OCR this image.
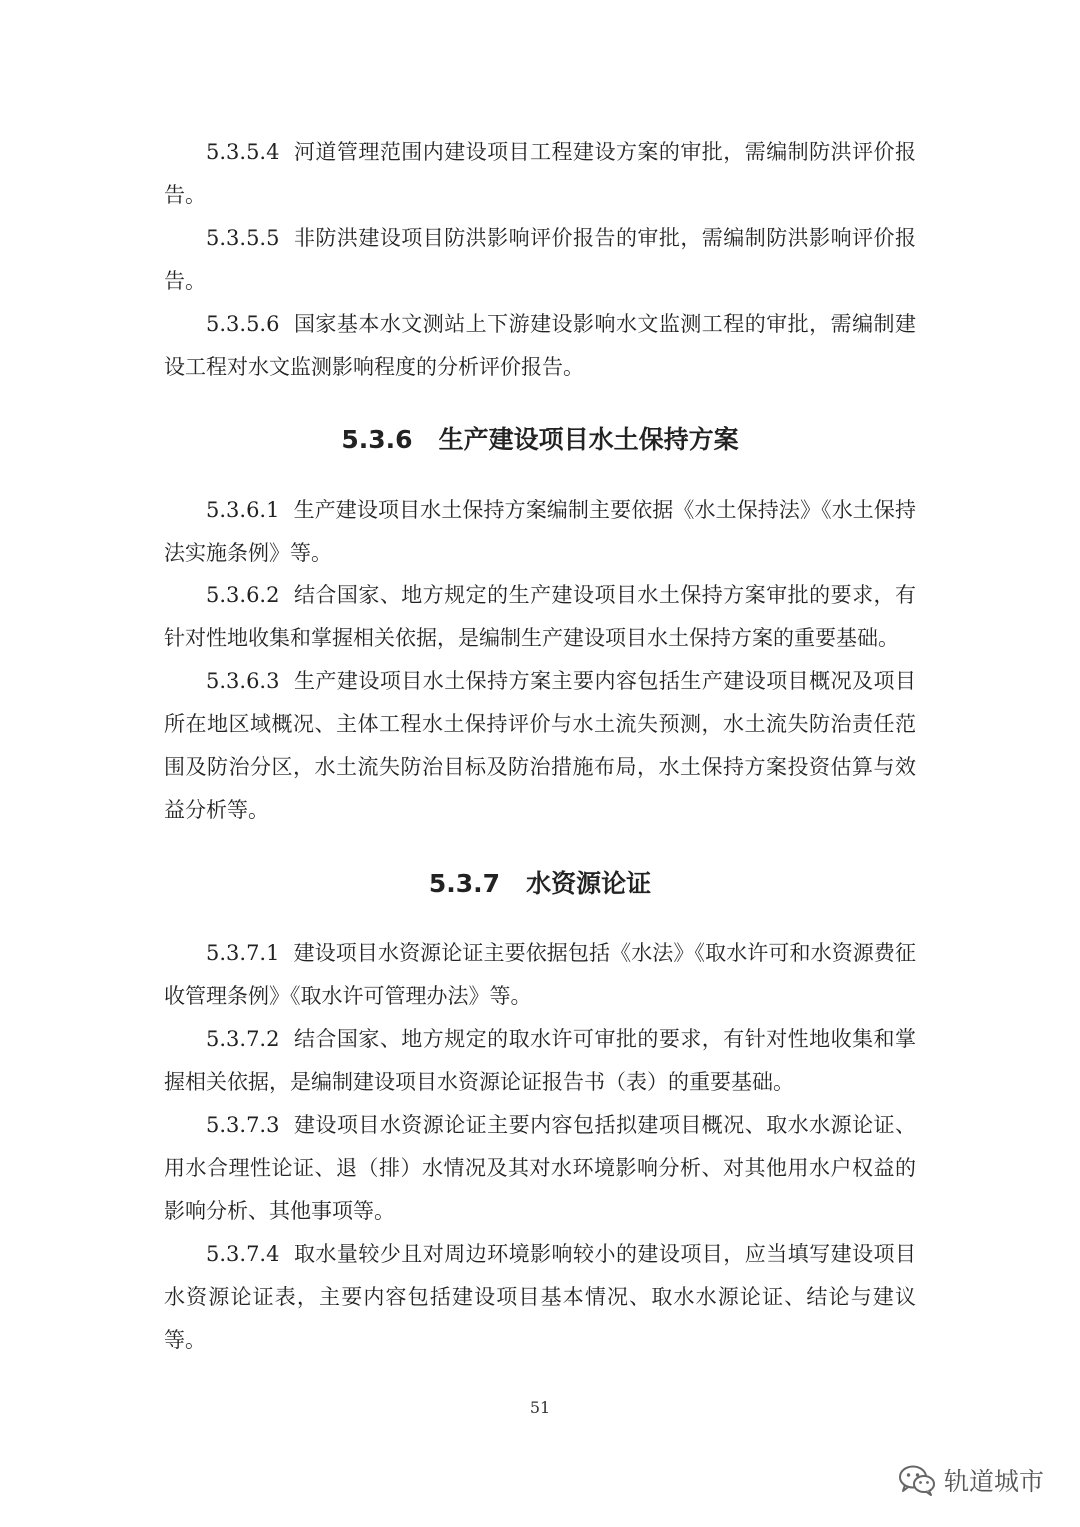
5.3.5.4 河道管理范围内建设项目工程建设方案的审批，需编制防洪评价报告。

5.3.5.5 非防洪建设项目防洪影响评价报告的审批，需编制防洪影响评价报告。

5.3.5.6 国家基本水文测站上下游建设影响水文监测工程的审批，需编制建设工程对水文监测影响程度的分析评价报告。

5.3.6 生产建设项目水土保持方案

5.3.6.1 生产建设项目水土保持方案编制主要依据《水土保持法》《水土保持法实施条例》等。

5.3.6.2 结合国家、地方规定的生产建设项目水土保持方案审批的要求，有针对性地收集和掌握相关依据，是编制生产建设项目水土保持方案的重要基础。

5.3.6.3 生产建设项目水土保持方案主要内容包括生产建设项目概况及项目所在地区域概况、主体工程水土保持评价与水土流失预测，水土流失防治责任范围及防治分区，水土流失防治目标及防治措施布局，水土保持方案投资估算与效益分析等。

5.3.7 水资源论证

5.3.7.1 建设项目水资源论证主要依据包括《水法》《取水许可和水资源费征收管理条例》《取水许可管理办法》等。

5.3.7.2 结合国家、地方规定的取水许可审批的要求，有针对性地收集和掌握相关依据，是编制建设项目水资源论证报告书（表）的重要基础。

5.3.7.3 建设项目水资源论证主要内容包括拟建项目概况、取水水源论证、用水合理性论证、退（排）水情况及其对水环境影响分析、对其他用水户权益的影响分析、其他事项等。

5.3.7.4 取水量较少且对周边环境影响较小的建设项目，应当填写建设项目水资源论证表，主要内容包括建设项目基本情况、取水水源论证、结论与建议等。

51
轨道城市
